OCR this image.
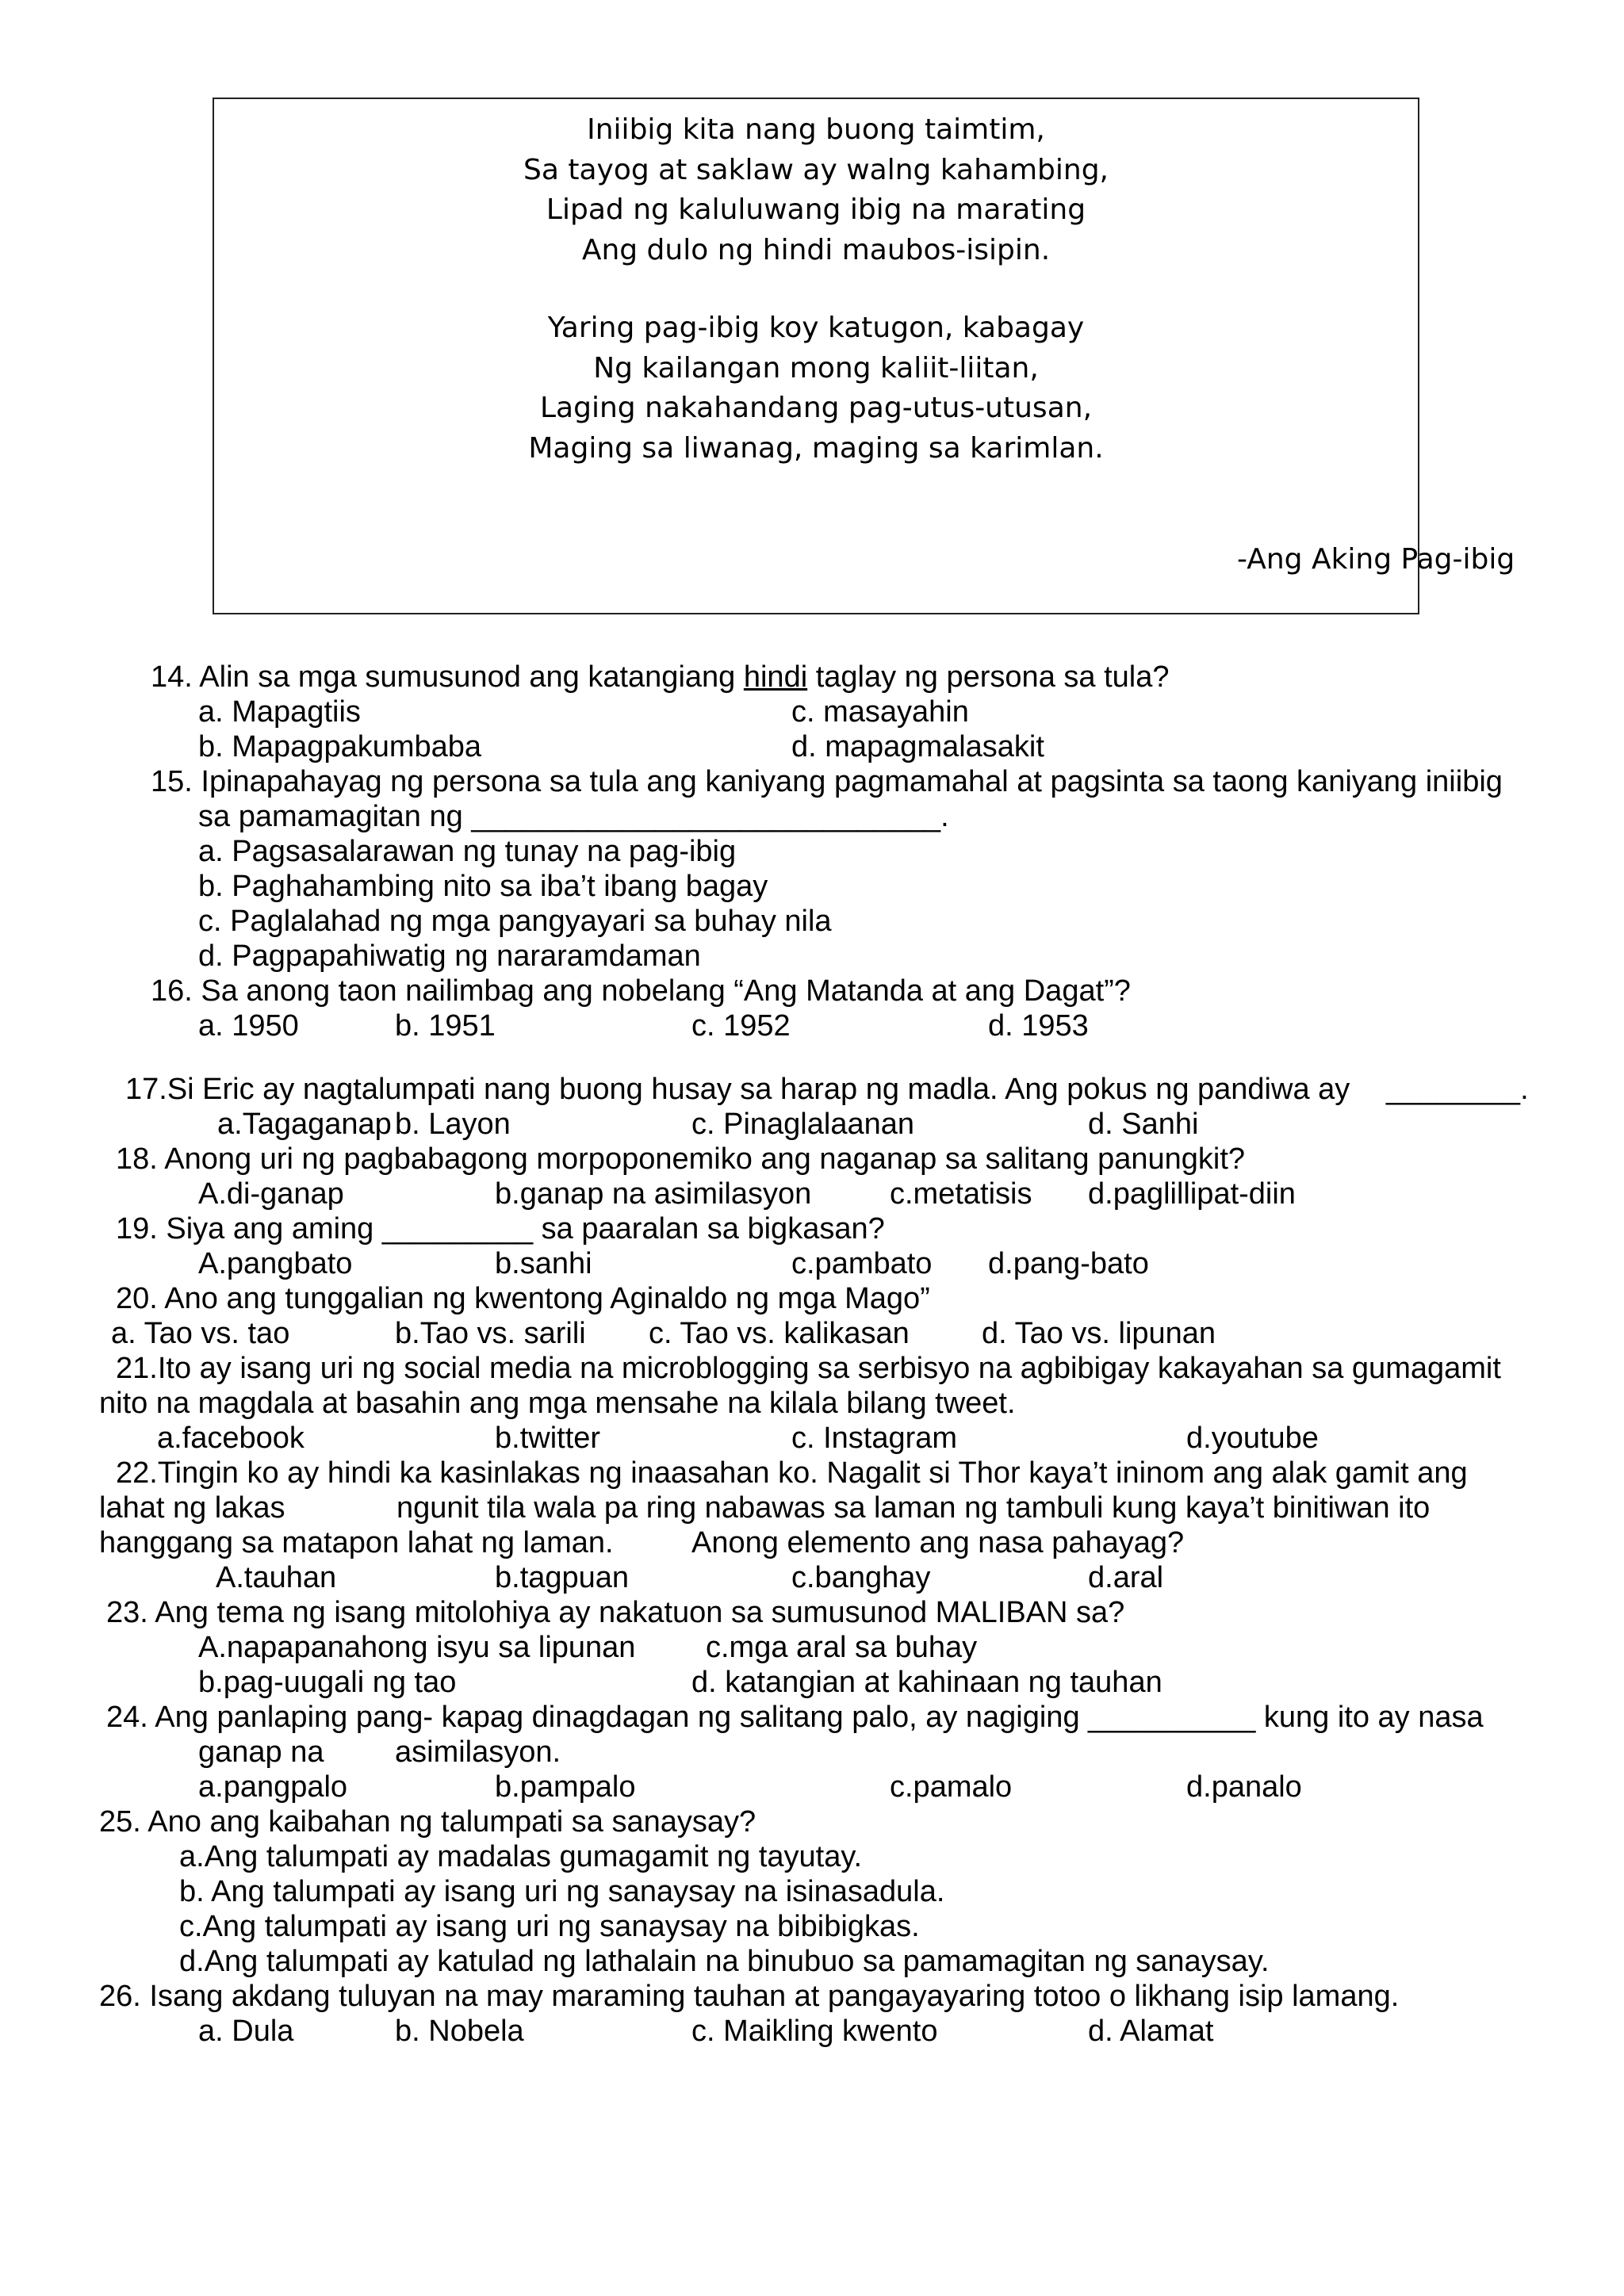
Iniibig kita nang buong taimtim,
Sa tayog at saklaw ay walng kahambing,
Lipad ng kaluluwang ibig na marating
Ang dulo ng hindi maubos-isipin.
Yaring pag-ibig koy katugon, kabagay
Ng kailangan mong kaliit-liitan,
Laging nakahandang pag-utus-utusan,
Maging sa liwanag, maging sa karimlan.
-Ang Aking Pag-ibig
14. Alin sa mga sumusunod ang katangiang hindi taglay ng persona sa tula?
a. Mapagtiis	c. masayahin
b. Mapagpakumbaba	d. mapagmalasakit
15. Ipinapahayag ng persona sa tula ang kaniyang pagmamahal at pagsinta sa taong kaniyang iniibig
sa pamamagitan ng ____________________________.
a. Pagsasalarawan ng tunay na pag-ibig
b. Paghahambing nito sa iba’t ibang bagay
c. Paglalahad ng mga pangyayari sa buhay nila
d. Pagpapahiwatig ng nararamdaman
16. Sa anong taon nailimbag ang nobelang “Ang Matanda at ang Dagat”?
a. 1950	b. 1951	c. 1952	d. 1953
17.Si Eric ay nagtalumpati nang buong husay sa harap ng madla. Ang pokus ng pandiwa ay ________.
a.Tagaganap b. Layon	c. Pinaglalaanan	d. Sanhi
18. Anong uri ng pagbabagong morpoponemiko ang naganap sa salitang panungkit?
A.di-ganap	b.ganap na asimilasyon	c.metatisis d.paglillipat-diin
19. Siya ang aming _________ sa paaralan sa bigkasan?
A.pangbato	b.sanhi	c.pambato d.pang-bato
20. Ano ang tunggalian ng kwentong Aginaldo ng mga Mago”
a. Tao vs. tao	b.Tao vs. sarili c. Tao vs. kalikasan d. Tao vs. lipunan
21.Ito ay isang uri ng social media na microblogging sa serbisyo na agbibigay kakayahan sa gumagamit
nito na magdala at basahin ang mga mensahe na kilala bilang tweet.
a.facebook	b.twitter	c. Instagram	d.youtube
22.Tingin ko ay hindi ka kasinlakas ng inaasahan ko. Nagalit si Thor kaya’t ininom ang alak gamit ang
lahat ng lakas	ngunit tila wala pa ring nabawas sa laman ng tambuli kung kaya’t binitiwan ito
hanggang sa matapon lahat ng laman.	Anong elemento ang nasa pahayag?
A.tauhan	b.tagpuan	c.banghay	d.aral
23. Ang tema ng isang mitolohiya ay nakatuon sa sumusunod MALIBAN sa?
A.napapanahong isyu sa lipunan c.mga aral sa buhay
b.pag-uugali ng tao	d. katangian at kahinaan ng tauhan
24. Ang panlaping pang- kapag dinagdagan ng salitang palo, ay nagiging __________ kung ito ay nasa
ganap na asimilasyon.
a.pangpalo	b.pampalo	c.pamalo	d.panalo
25. Ano ang kaibahan ng talumpati sa sanaysay?
a.Ang talumpati ay madalas gumagamit ng tayutay.
b. Ang talumpati ay isang uri ng sanaysay na isinasadula.
c.Ang talumpati ay isang uri ng sanaysay na bibibigkas.
d.Ang talumpati ay katulad ng lathalain na binubuo sa pamamagitan ng sanaysay.
26. Isang akdang tuluyan na may maraming tauhan at pangayayaring totoo o likhang isip lamang.
a. Dula	b. Nobela	c. Maikling kwento	d. Alamat
